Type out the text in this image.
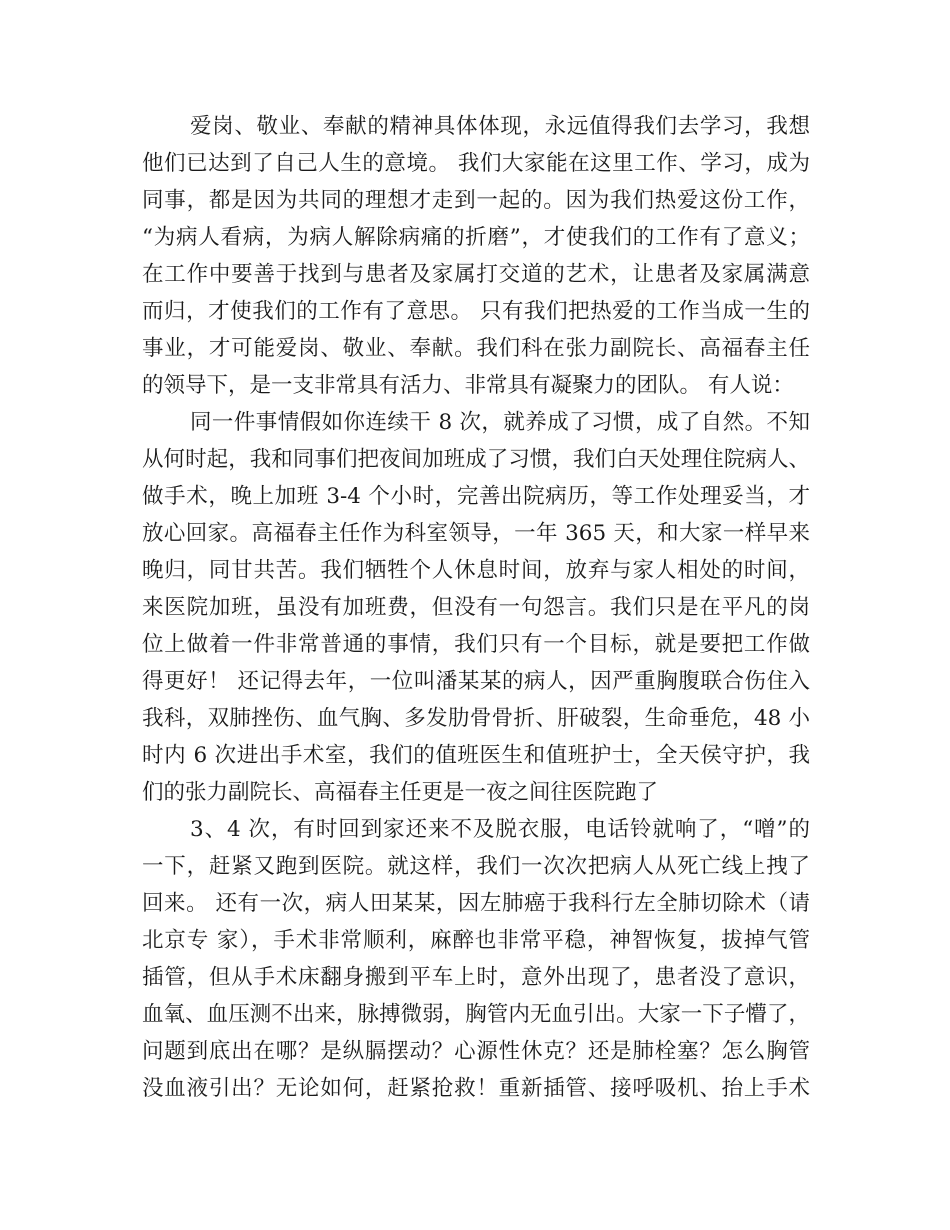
爱岗、敬业、奉献的精神具体体现，永远值得我们去学习，我想
他们已达到了自己人生的意境。 我们大家能在这里工作、学习，成为
同事，都是因为共同的理想才走到一起的。因为我们热爱这份工作，
“为病人看病，为病人解除病痛的折磨”，才使我们的工作有了意义；
在工作中要善于找到与患者及家属打交道的艺术，让患者及家属满意
而归，才使我们的工作有了意思。 只有我们把热爱的工作当成一生的
事业，才可能爱岗、敬业、奉献。我们科在张力副院长、高福春主任
的领导下，是一支非常具有活力、非常具有凝聚力的团队。 有人说：
同一件事情假如你连续干 8 次，就养成了习惯，成了自然。不知
从何时起，我和同事们把夜间加班成了习惯，我们白天处理住院病人、
做手术，晚上加班 3-4 个小时，完善出院病历，等工作处理妥当，才
放心回家。高福春主任作为科室领导，一年 365 天，和大家一样早来
晚归，同甘共苦。我们牺牲个人休息时间，放弃与家人相处的时间，
来医院加班，虽没有加班费，但没有一句怨言。我们只是在平凡的岗
位上做着一件非常普通的事情，我们只有一个目标，就是要把工作做
得更好！ 还记得去年，一位叫潘某某的病人，因严重胸腹联合伤住入
我科，双肺挫伤、血气胸、多发肋骨骨折、肝破裂，生命垂危，48 小
时内 6 次进出手术室，我们的值班医生和值班护士，全天侯守护，我
们的张力副院长、高福春主任更是一夜之间往医院跑了
3、4 次，有时回到家还来不及脱衣服，电话铃就响了，“噌”的
一下，赶紧又跑到医院。就这样，我们一次次把病人从死亡线上拽了
回来。 还有一次，病人田某某，因左肺癌于我科行左全肺切除术（请
北京专 家），手术非常顺利，麻醉也非常平稳，神智恢复，拔掉气管
插管，但从手术床翻身搬到平车上时，意外出现了，患者没了意识，
血氧、血压测不出来，脉搏微弱，胸管内无血引出。大家一下子懵了，
问题到底出在哪？是纵膈摆动？心源性休克？还是肺栓塞？怎么胸管
没血液引出？无论如何，赶紧抢救！重新插管、接呼吸机、抬上手术
